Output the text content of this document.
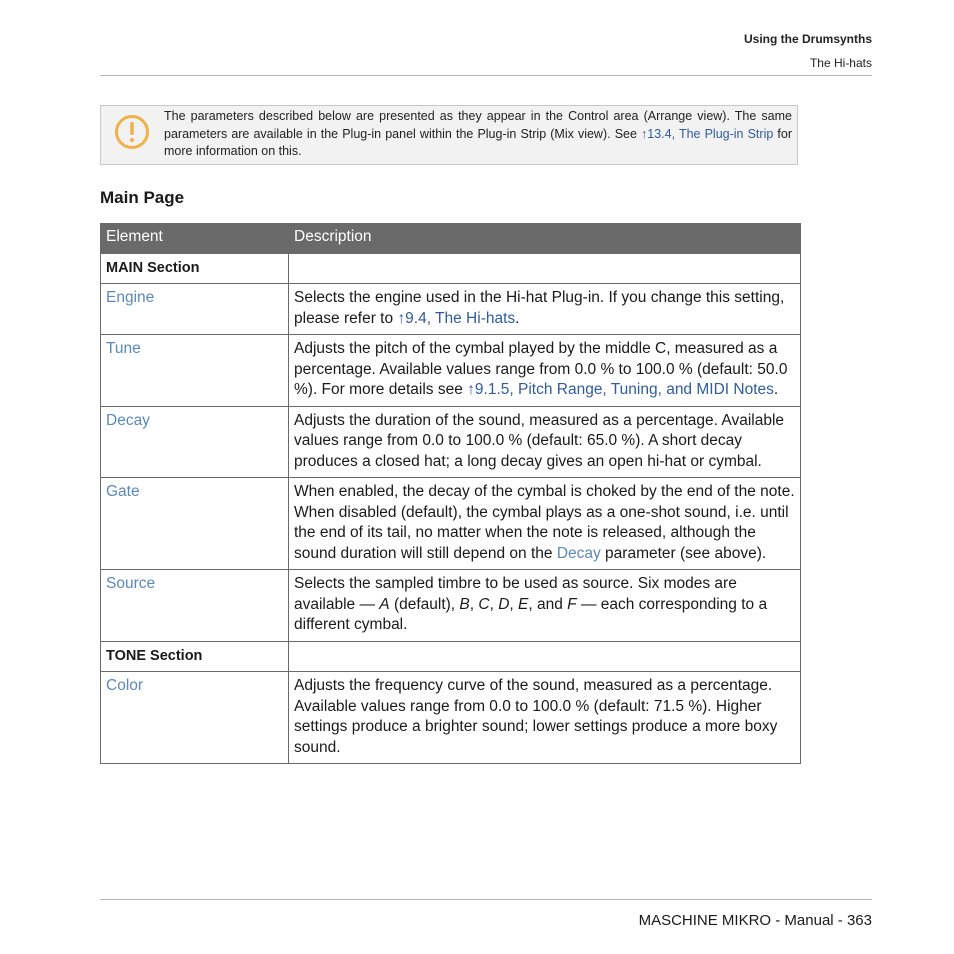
Using the Drumsynths
The Hi-hats
The parameters described below are presented as they appear in the Control area (Arrange view). The same parameters are available in the Plug-in panel within the Plug-in Strip (Mix view). See ↑13.4, The Plug-in Strip for more information on this.
Main Page
Element	Description
MAIN Section	
Engine	Selects the engine used in the Hi-hat Plug-in. If you change this setting, please refer to ↑9.4, The Hi-hats.
Tune	Adjusts the pitch of the cymbal played by the middle C, measured as a percentage. Available values range from 0.0 % to 100.0 % (default: 50.0 %). For more details see ↑9.1.5, Pitch Range, Tuning, and MIDI Notes.
Decay	Adjusts the duration of the sound, measured as a percentage. Available values range from 0.0 to 100.0 % (default: 65.0 %). A short decay produces a closed hat; a long decay gives an open hi-hat or cymbal.
Gate	When enabled, the decay of the cymbal is choked by the end of the note. When disabled (default), the cymbal plays as a one-shot sound, i.e. until the end of its tail, no matter when the note is released, although the sound duration will still depend on the Decay parameter (see above).
Source	Selects the sampled timbre to be used as source. Six modes are available — A (default), B, C, D, E, and F — each corresponding to a different cymbal.
TONE Section	
Color	Adjusts the frequency curve of the sound, measured as a percentage. Available values range from 0.0 to 100.0 % (default: 71.5 %). Higher settings produce a brighter sound; lower settings produce a more boxy sound.
MASCHINE MIKRO - Manual - 363
